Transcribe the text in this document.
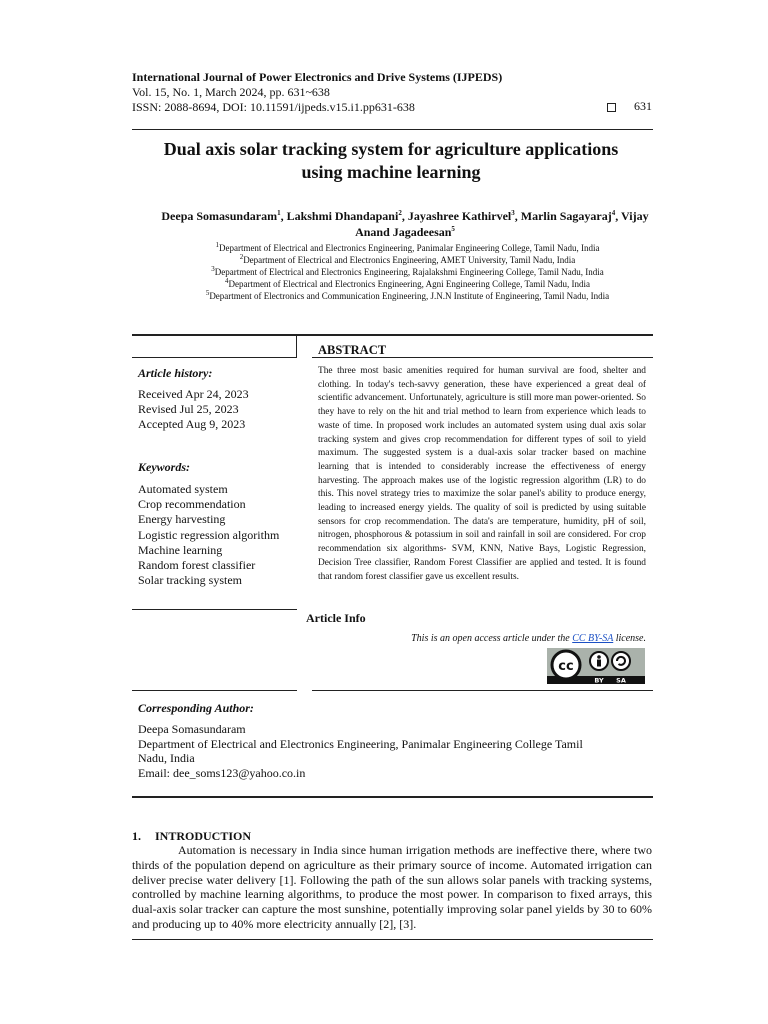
International Journal of Power Electronics and Drive Systems (IJPEDS)
Vol. 15, No. 1, March 2024, pp. 631~638
ISSN: 2088-8694, DOI: 10.11591/ijpeds.v15.i1.pp631-638	631
Dual axis solar tracking system for agriculture applications
using machine learning
Deepa Somasundaram$^1$, Lakshmi Dhandapani$^2$, Jayashree Kathirvel$^3$, Marlin Sagayaraj$^4$, Vijay Anand Jagadeesan$^5$
$^1$Department of Electrical and Electronics Engineering, Panimalar Engineering College, Tamil Nadu, India
$^2$Department of Electrical and Electronics Engineering, AMET University, Tamil Nadu, India
$^3$Department of Electrical and Electronics Engineering, Rajalakshmi Engineering College, Tamil Nadu, India
$^4$Department of Electrical and Electronics Engineering, Agni Engineering College, Tamil Nadu, India
$^5$Department of Electronics and Communication Engineering, J.N.N Institute of Engineering, Tamil Nadu, India
ABSTRACT
Article history:
Received Apr 24, 2023
Revised Jul 25, 2023
Accepted Aug 9, 2023
Keywords:
Automated system
Crop recommendation
Energy harvesting
Logistic regression algorithm
Machine learning
Random forest classifier
Solar tracking system
The three most basic amenities required for human survival are food, shelter and clothing. In today's tech-savvy generation, these have experienced a great deal of scientific advancement. Unfortunately, agriculture is still more man power-oriented. So they have to rely on the hit and trial method to learn from experience which leads to waste of time. In proposed work includes an automated system using dual axis solar tracking system and gives crop recommendation for different types of soil to yield maximum. The suggested system is a dual-axis solar tracker based on machine learning that is intended to considerably increase the effectiveness of energy harvesting. The approach makes use of the logistic regression algorithm (LR) to do this. This novel strategy tries to maximize the solar panel's ability to produce energy, leading to increased energy yields. The quality of soil is predicted by using suitable sensors for crop recommendation. The data's are temperature, humidity, pH of soil, nitrogen, phosphorous & potassium in soil and rainfall in soil are considered. For crop recommendation six algorithms- SVM, KNN, Native Bays, Logistic Regression, Decision Tree classifier, Random Forest Classifier are applied and tested. It is found that random forest classifier gave us excellent results.
Article Info
This is an open access article under the CC BY-SA license.
cc
BY SA
Corresponding Author:
Deepa Somasundaram
Department of Electrical and Electronics Engineering, Panimalar Engineering College Tamil
Nadu, India
Email: dee_soms123@yahoo.co.in
1. INTRODUCTION
Automation is necessary in India since human irrigation methods are ineffective there, where two thirds of the population depend on agriculture as their primary source of income. Automated irrigation can deliver precise water delivery [1]. Following the path of the sun allows solar panels with tracking systems, controlled by machine learning algorithms, to produce the most power. In comparison to fixed arrays, this dual-axis solar tracker can capture the most sunshine, potentially improving solar panel yields by 30 to 60% and producing up to 40% more electricity annually [2], [3].
